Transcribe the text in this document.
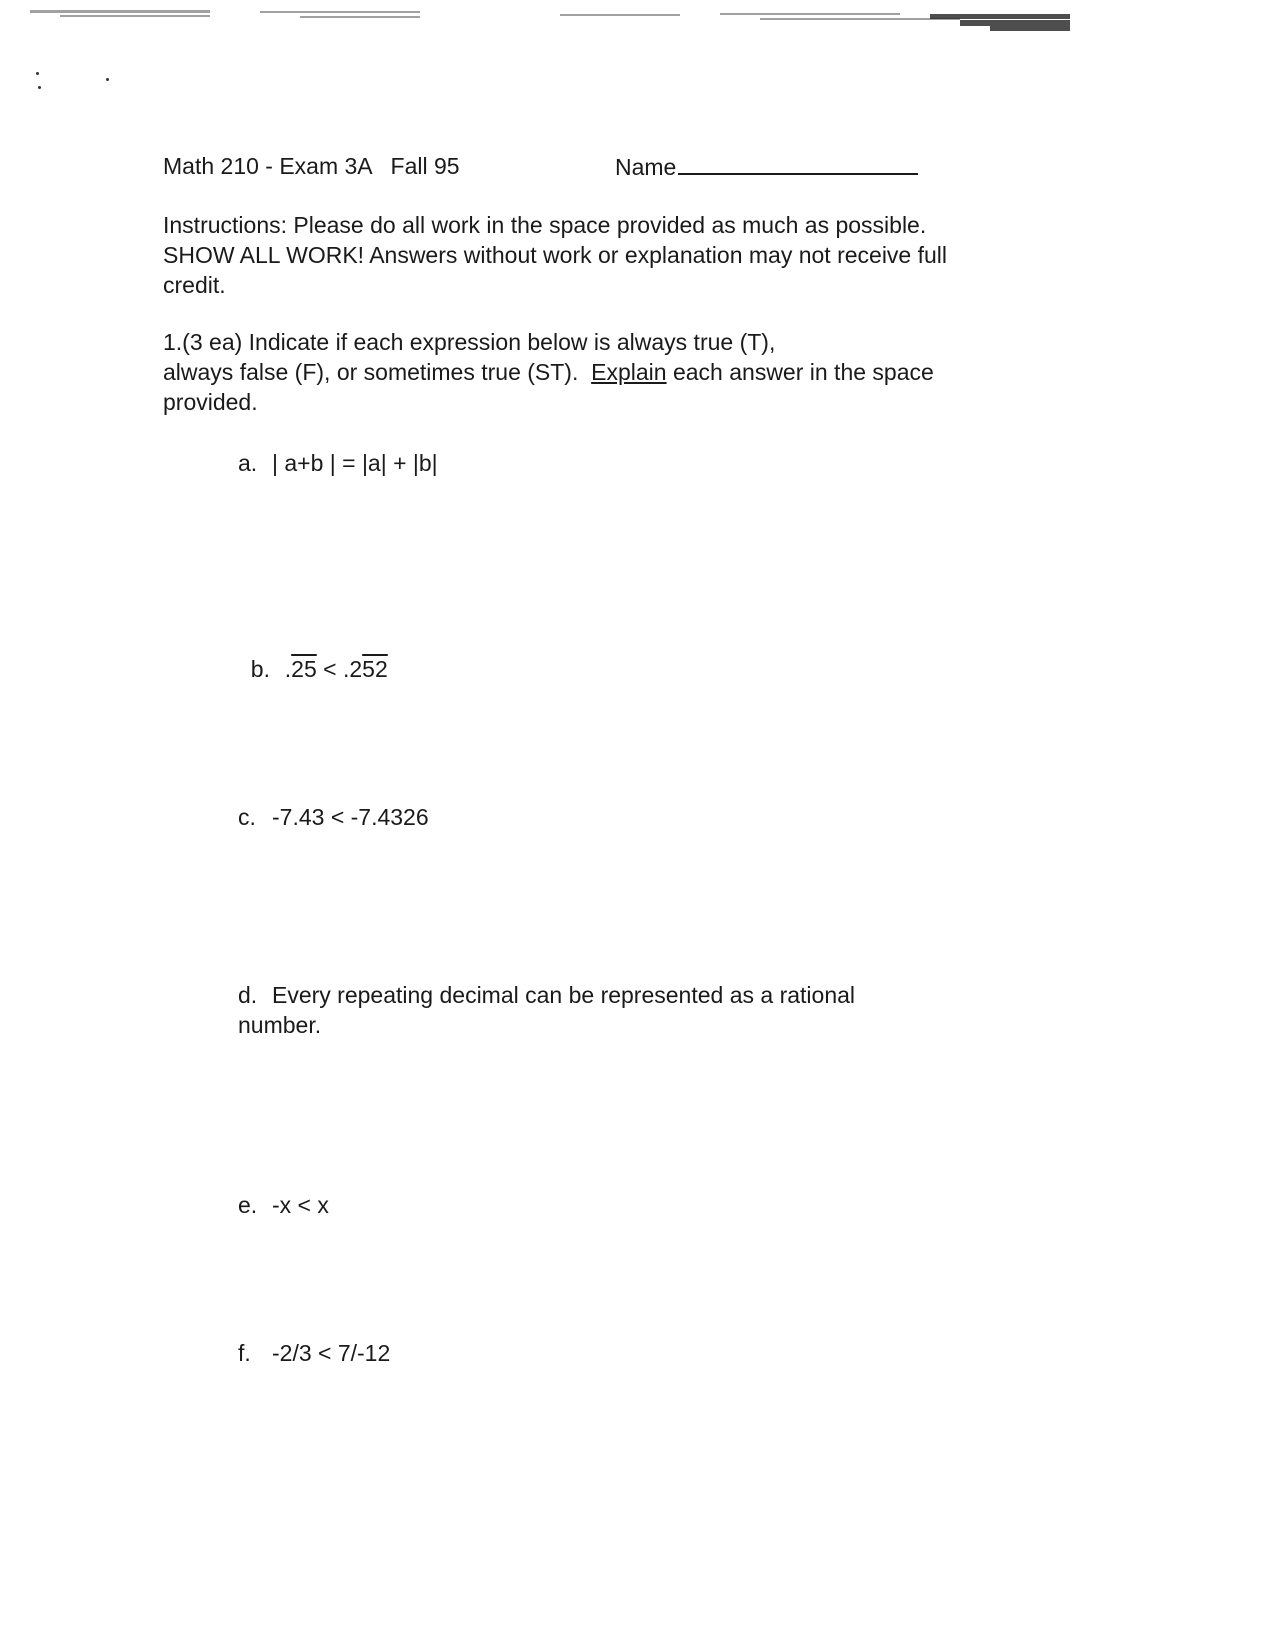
Math 210 - Exam 3A   Fall 95	Name
Instructions: Please do all work in the space provided as much as possible.
SHOW ALL WORK! Answers without work or explanation may not receive full
credit.
1.(3 ea) Indicate if each expression below is always true (T),
always false (F), or sometimes true (ST).  Explain each answer in the space
provided.
a. | a+b | = |a| + |b|

b. .25 < .252

c. -7.43 < -7.4326
d. Every repeating decimal can be represented as a rational
number.
e. -x < x
f. -2/3 < 7/-12
